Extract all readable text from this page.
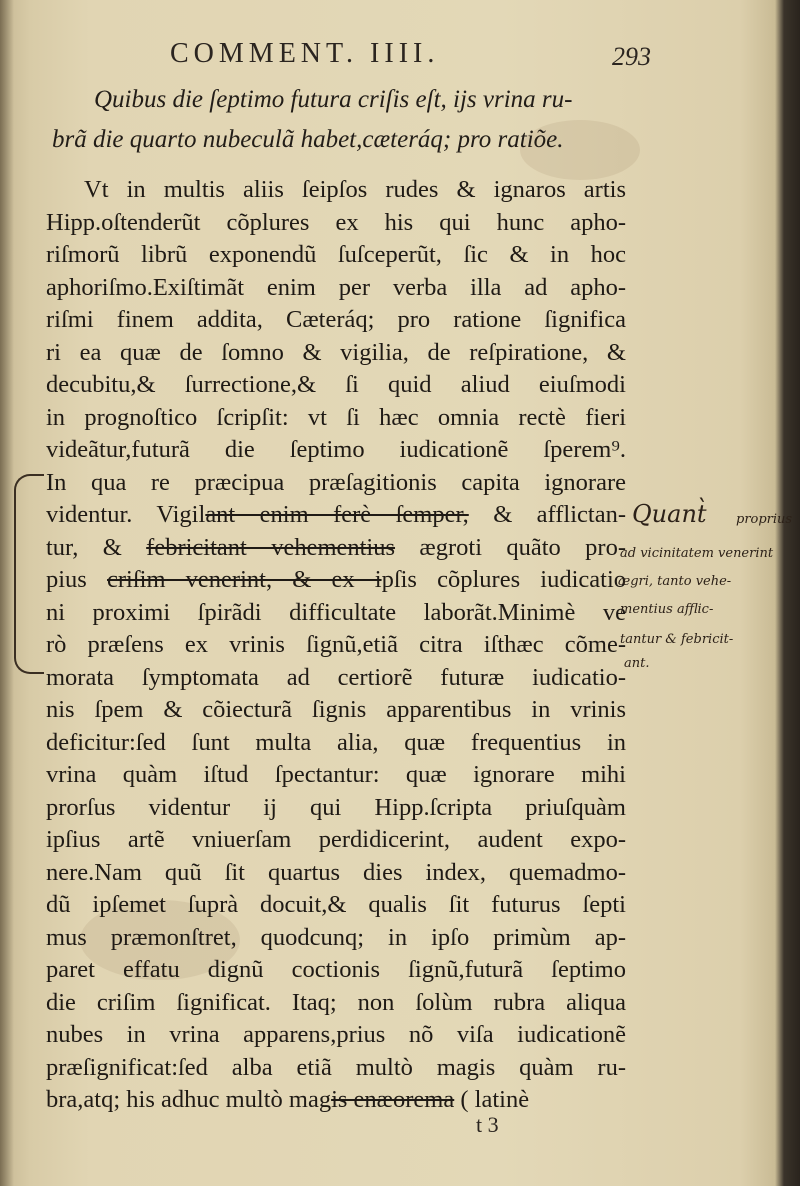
COMMENT. IIII.	293
Quibus die ſeptimo futura criſis eſt, ijs vrina ru-
brã die quarto nubeculã habet,cæteráq; pro ratiõe.
Vt in multis aliis ſeipſos rudes & ignaros artis
Hipp.oſtenderũt cõplures ex his qui hunc apho-
riſmorũ librũ exponendũ ſuſceperũt, ſic & in hoc
aphoriſmo.Exiſtimãt enim per verba illa ad apho-
riſmi finem addita, Cæteráq; pro ratione ſignifica
ri ea quæ de ſomno & vigilia, de reſpiratione, &
decubitu,& ſurrectione,& ſi quid aliud eiuſmodi
in prognoſtico ſcripſit: vt ſi hæc omnia rectè fieri
videãtur,futurã die ſeptimo iudicationẽ ſperem⁹.
In qua re præcipua præſagitionis capita ignorare
videntur. Vigilant enim ferè ſemper, & afflictan-
tur, & febricitant vehementius ægroti quãto pro-
pius criſim venerint, & ex ipſis cõplures iudicatio
ni proximi ſpirãdi difficultate laborãt.Minimè ve
rò præſens ex vrinis ſignũ,etiã citra iſthæc cõme-
morata ſymptomata ad certiorẽ futuræ iudicatio-
nis ſpem & cõiecturã ſignis apparentibus in vrinis
deficitur:ſed ſunt multa alia, quæ frequentius in
vrina quàm iſtud ſpectantur: quæ ignorare mihi
prorſus videntur ij qui Hipp.ſcripta priuſquàm
ipſius artẽ vniuerſam perdidicerint, audent expo-
nere.Nam quũ ſit quartus dies index, quemadmo-
dũ ipſemet ſuprà docuit,& qualis ſit futurus ſepti
mus præmonſtret, quodcunq; in ipſo primùm ap-
paret effatu dignũ coctionis ſignũ,futurã ſeptimo
die criſim ſignificat. Itaq; non ſolùm rubra aliqua
nubes in vrina apparens,prius nõ viſa iudicationẽ
præſignificat:ſed alba etiã multò magis quàm ru-
bra,atq; his adhuc multò magis enæorema ( latinè
Quant̀ proprius
ad vicinitatem venerint
ægri, tanto vehe-
mentius afflic-
tantur & febricit-
ant.
t 3
